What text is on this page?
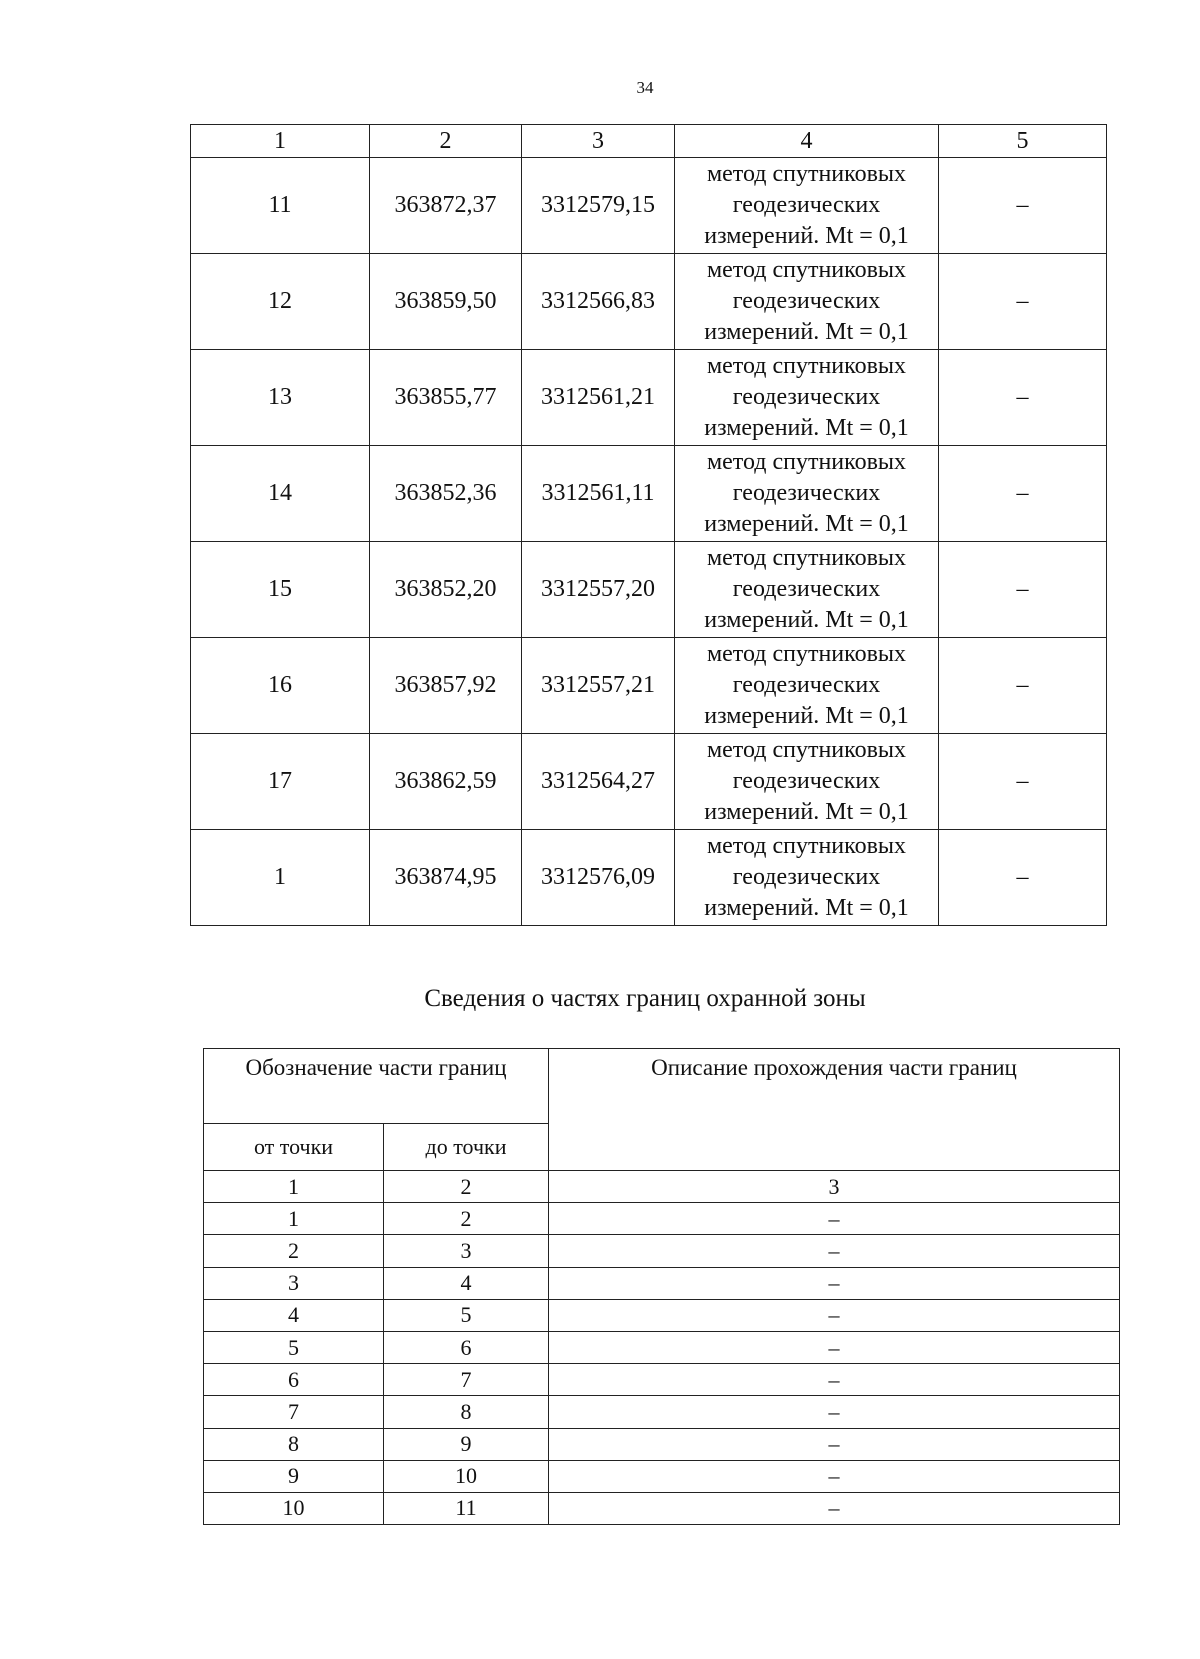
34
1	2	3	4	5
11	363872,37	3312579,15	метод спутниковых
геодезических
измерений. Mt = 0,1	–
12	363859,50	3312566,83	метод спутниковых
геодезических
измерений. Mt = 0,1	–
13	363855,77	3312561,21	метод спутниковых
геодезических
измерений. Mt = 0,1	–
14	363852,36	3312561,11	метод спутниковых
геодезических
измерений. Mt = 0,1	–
15	363852,20	3312557,20	метод спутниковых
геодезических
измерений. Mt = 0,1	–
16	363857,92	3312557,21	метод спутниковых
геодезических
измерений. Mt = 0,1	–
17	363862,59	3312564,27	метод спутниковых
геодезических
измерений. Mt = 0,1	–
1	363874,95	3312576,09	метод спутниковых
геодезических
измерений. Mt = 0,1	–
Сведения о частях границ охранной зоны
Обозначение части границ		Описание прохождения части границ
от точки	до точки	
1	2	3
1	2	–
2	3	–
3	4	–
4	5	–
5	6	–
6	7	–
7	8	–
8	9	–
9	10	–
10	11	–
